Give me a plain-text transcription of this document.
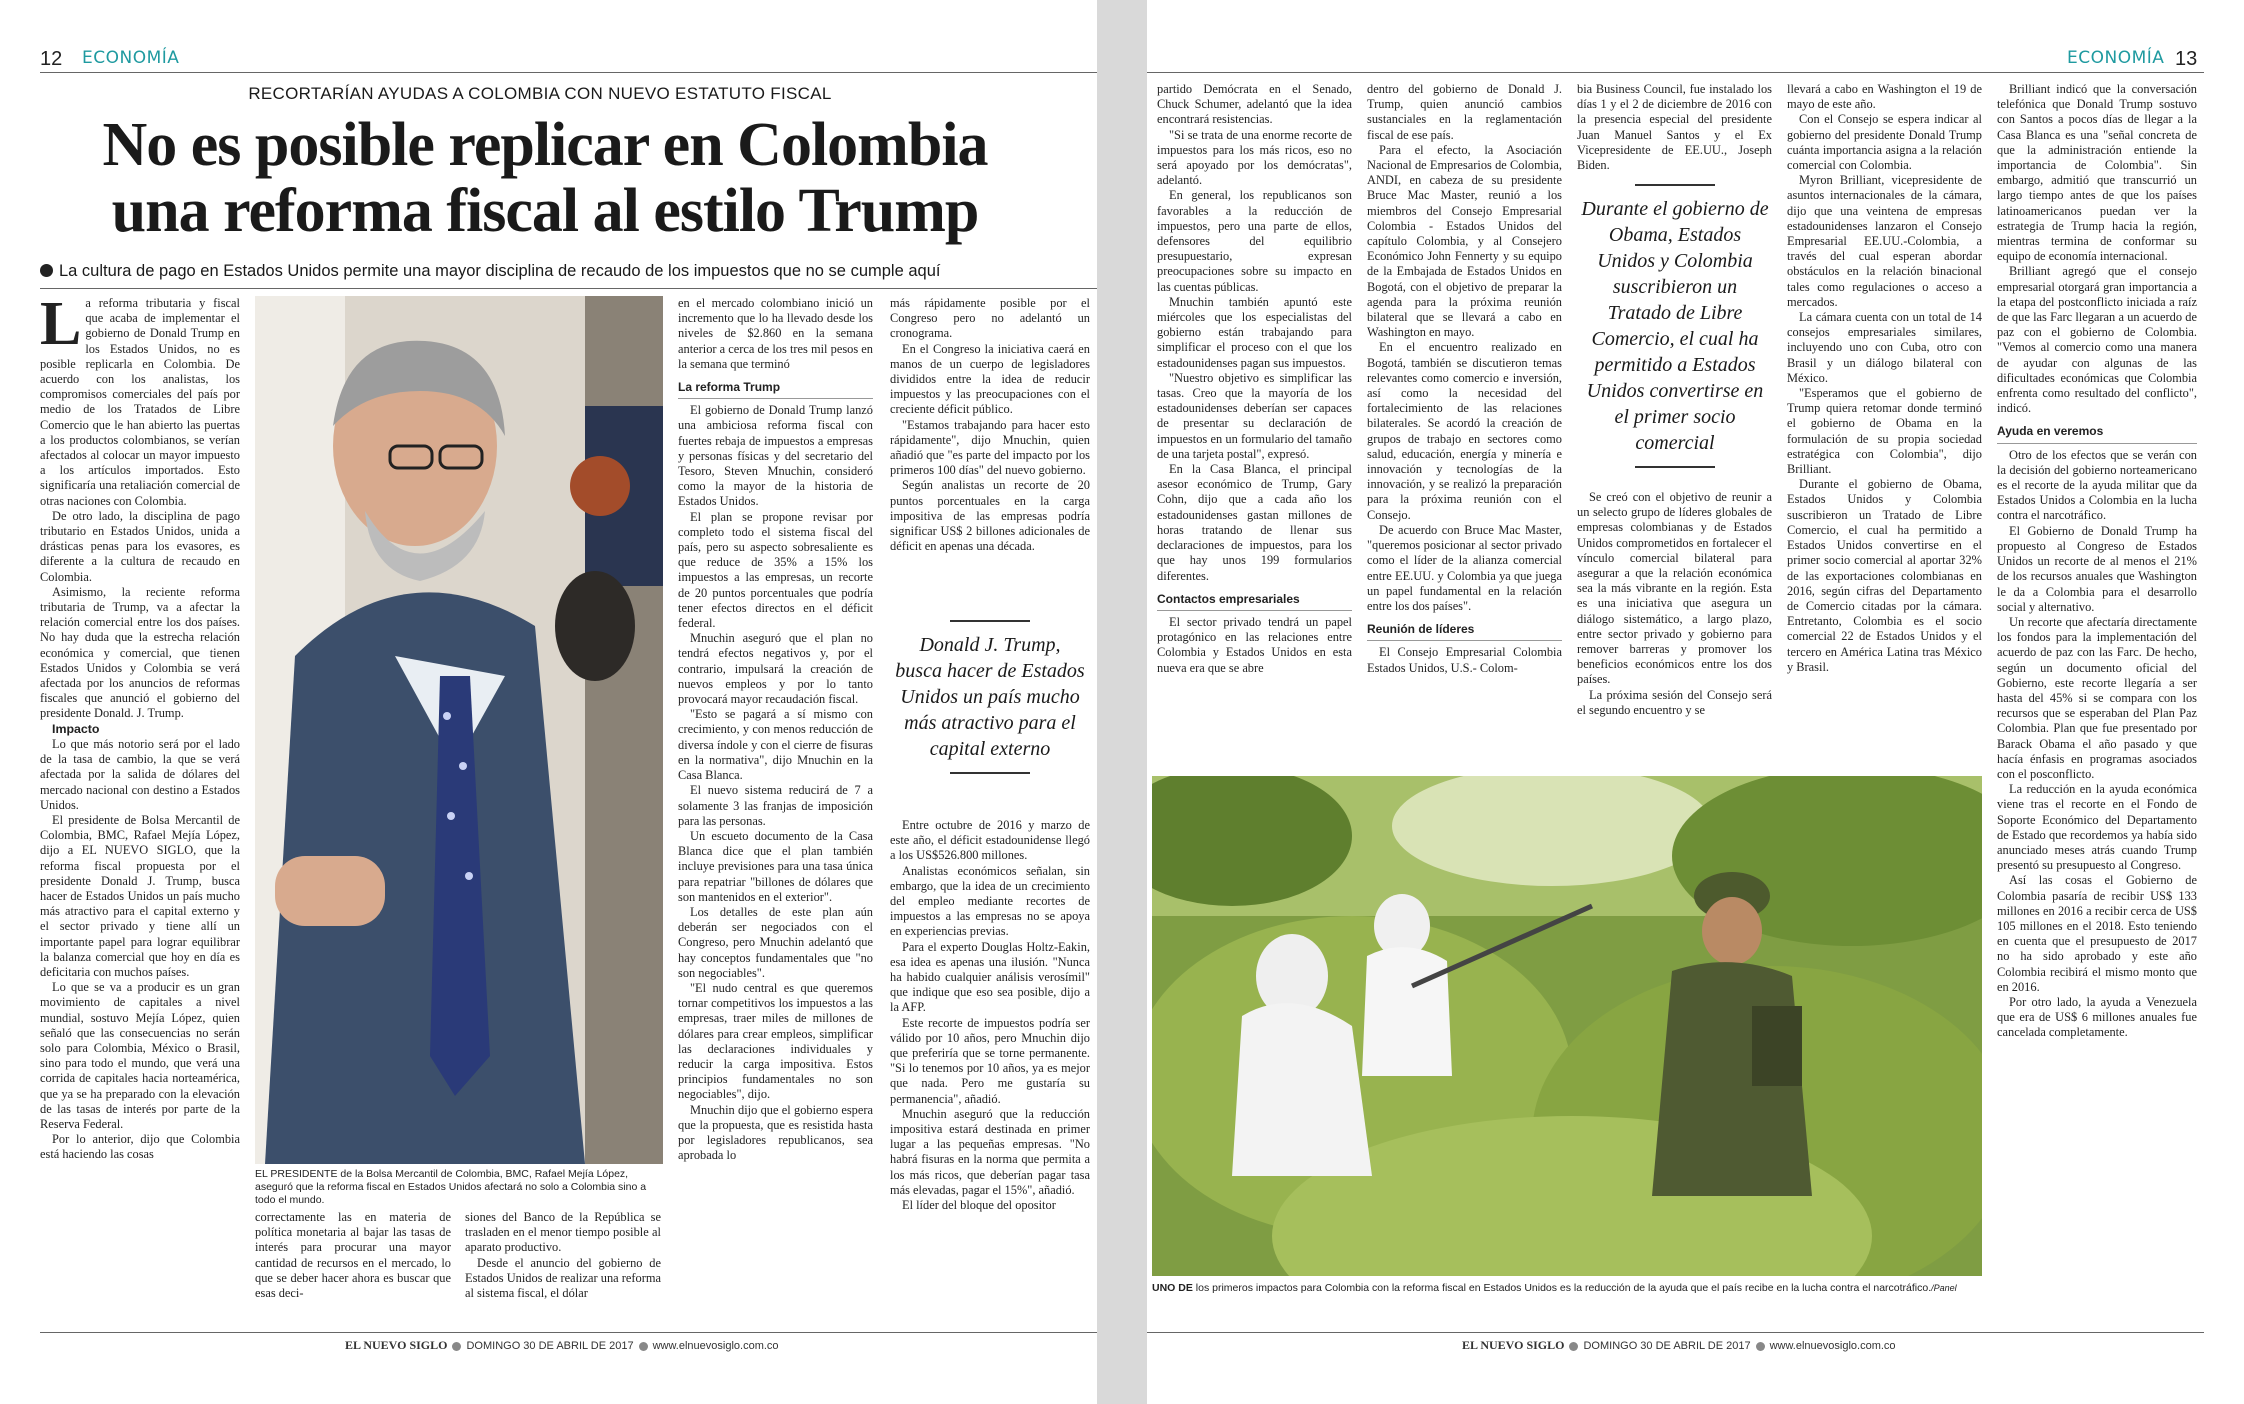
12 ECONOMÍA
RECORTARÍAN AYUDAS A COLOMBIA CON NUEVO ESTATUTO FISCAL
No es posible replicar en Colombia
una reforma fiscal al estilo Trump
La cultura de pago en Estados Unidos permite una mayor disciplina de recaudo de los impuestos que no se cumple aquí
L a reforma tributaria y fiscal que acaba de implementar el gobierno de Donald Trump en los Estados Unidos, no es posible replicarla en Colombia. De acuerdo con los analistas, los compromisos comerciales del país por medio de los Tratados de Libre Comercio que le han abierto las puertas a los productos colombianos, se verían afectados al colocar un mayor impuesto a los artículos importados. Esto significaría una retaliación comercial de otras naciones con Colombia.

De otro lado, la disciplina de pago tributario en Estados Unidos, unida a drásticas penas para los evasores, es diferente a la cultura de recaudo en Colombia.

Asimismo, la reciente reforma tributaria de Trump, va a afectar la relación comercial entre los dos países. No hay duda que la estrecha relación económica y comercial, que tienen Estados Unidos y Colombia se verá afectada por los anuncios de reformas fiscales que anunció el gobierno del presidente Donald. J. Trump.

Impacto

Lo que más notorio será por el lado de la tasa de cambio, la que se verá afectada por la salida de dólares del mercado nacional con destino a Estados Unidos.

El presidente de Bolsa Mercantil de Colombia, BMC, Rafael Mejía López, dijo a EL NUEVO SIGLO, que la reforma fiscal propuesta por el presidente Donald J. Trump, busca hacer de Estados Unidos un país mucho más atractivo para el capital externo y el sector privado y tiene allí un importante papel para lograr equilibrar la balanza comercial que hoy en día es deficitaria con muchos países.

Lo que se va a producir es un gran movimiento de capitales a nivel mundial, sostuvo Mejía López, quien señaló que las consecuencias no serán solo para Colombia, México o Brasil, sino para todo el mundo, que verá una corrida de capitales hacia norteamérica, que ya se ha preparado con la elevación de las tasas de interés por parte de la Reserva Federal.

Por lo anterior, dijo que Colombia está haciendo las cosas

EL PRESIDENTE de la Bolsa Mercantil de Colombia, BMC, Rafael Mejía López, aseguró que la reforma fiscal en Estados Unidos afectará no solo a Colombia sino a todo el mundo.

correctamente las en materia de política monetaria al bajar las tasas de interés para procurar una mayor cantidad de recursos en el mercado, lo que se deber hacer ahora es buscar que esas deci-

siones del Banco de la República se trasladen en el menor tiempo posible al aparato productivo.

Desde el anuncio del gobierno de Estados Unidos de realizar una reforma al sistema fiscal, el dólar

en el mercado colombiano inició un incremento que lo ha llevado desde los niveles de $2.860 en la semana anterior a cerca de los tres mil pesos en la semana que terminó

La reforma Trump

El gobierno de Donald Trump lanzó una ambiciosa reforma fiscal con fuertes rebaja de impuestos a empresas y personas físicas y del secretario del Tesoro, Steven Mnuchin, consideró como la mayor de la historia de Estados Unidos.

El plan se propone revisar por completo todo el sistema fiscal del país, pero su aspecto sobresaliente es que reduce de 35% a 15% los impuestos a las empresas, un recorte de 20 puntos porcentuales que podría tener efectos directos en el déficit federal.

Mnuchin aseguró que el plan no tendrá efectos negativos y, por el contrario, impulsará la creación de nuevos empleos y por lo tanto provocará mayor recaudación fiscal.

"Esto se pagará a sí mismo con crecimiento, y con menos reducción de diversa índole y con el cierre de fisuras en la normativa", dijo Mnuchin en la Casa Blanca.

El nuevo sistema reducirá de 7 a solamente 3 las franjas de imposición para las personas.

Un escueto documento de la Casa Blanca dice que el plan también incluye previsiones para una tasa única para repatriar "billones de dólares que son mantenidos en el exterior".

Los detalles de este plan aún deberán ser negociados con el Congreso, pero Mnuchin adelantó que hay conceptos fundamentales que "no son negociables".

"El nudo central es que queremos tornar competitivos los impuestos a las empresas, traer miles de millones de dólares para crear empleos, simplificar las declaraciones individuales y reducir la carga impositiva. Estos principios fundamentales no son negociables", dijo.

Mnuchin dijo que el gobierno espera que la propuesta, que es resistida hasta por legisladores republicanos, sea aprobada lo

más rápidamente posible por el Congreso pero no adelantó un cronograma.

En el Congreso la iniciativa caerá en manos de un cuerpo de legisladores divididos entre la idea de reducir impuestos y las preocupaciones con el creciente déficit público.

"Estamos trabajando para hacer esto rápidamente", dijo Mnuchin, quien añadió que "es parte del impacto por los primeros 100 días" del nuevo gobierno.

Según analistas un recorte de 20 puntos porcentuales en la carga impositiva de las empresas podría significar US$ 2 billones adicionales de déficit en apenas una década.

Donald J. Trump, busca hacer de Estados Unidos un país mucho más atractivo para el capital externo

Entre octubre de 2016 y marzo de este año, el déficit estadounidense llegó a los US$526.800 millones.

Analistas económicos señalan, sin embargo, que la idea de un crecimiento del empleo mediante recortes de impuestos a las empresas no se apoya en experiencias previas.

Para el experto Douglas Holtz-Eakin, esa idea es apenas una ilusión. "Nunca ha habido cualquier análisis verosímil" que indique que eso sea posible, dijo a la AFP.

Este recorte de impuestos podría ser válido por 10 años, pero Mnuchin dijo que preferiría que se torne permanente. "Si lo tenemos por 10 años, ya es mejor que nada. Pero me gustaría su permanencia", añadió.

Mnuchin aseguró que la reducción impositiva estará destinada en primer lugar a las pequeñas empresas. "No habrá fisuras en la norma que permita a los más ricos, que deberían pagar tasa más elevadas, pagar el 15%", añadió.

El líder del bloque del opositor

EL NUEVO SIGLO DOMINGO 30 DE ABRIL DE 2017 www.elnuevosiglo.com.co
ECONOMÍA 13

partido Demócrata en el Senado, Chuck Schumer, adelantó que la idea encontrará resistencias.

"Si se trata de una enorme recorte de impuestos para los más ricos, eso no será apoyado por los demócratas", adelantó.

En general, los republicanos son favorables a la reducción de impuestos, pero una parte de ellos, defensores del equilibrio presupuestario, expresan preocupaciones sobre su impacto en las cuentas públicas.

Mnuchin también apuntó este miércoles que los especialistas del gobierno están trabajando para simplificar el proceso con el que los estadounidenses pagan sus impuestos.

"Nuestro objetivo es simplificar las tasas. Creo que la mayoría de los estadounidenses deberían ser capaces de presentar su declaración de impuestos en un formulario del tamaño de una tarjeta postal", expresó.

En la Casa Blanca, el principal asesor económico de Trump, Gary Cohn, dijo que a cada año los estadounidenses gastan millones de horas tratando de llenar sus declaraciones de impuestos, para los que hay unos 199 formularios diferentes.

Contactos empresariales

El sector privado tendrá un papel protagónico en las relaciones entre Colombia y Estados Unidos en esta nueva era que se abre

dentro del gobierno de Donald J. Trump, quien anunció cambios sustanciales en la reglamentación fiscal de ese país.

Para el efecto, la Asociación Nacional de Empresarios de Colombia, ANDI, en cabeza de su presidente Bruce Mac Master, reunió a los miembros del Consejo Empresarial Colombia - Estados Unidos del capítulo Colombia, y al Consejero Económico John Fennerty y su equipo de la Embajada de Estados Unidos en Bogotá, con el objetivo de preparar la agenda para la próxima reunión bilateral que se llevará a cabo en Washington en mayo.

En el encuentro realizado en Bogotá, también se discutieron temas relevantes como comercio e inversión, así como la necesidad del fortalecimiento de las relaciones bilaterales. Se acordó la creación de grupos de trabajo en sectores como salud, educación, energía y minería e innovación y tecnologías de la innovación, y se realizó la preparación para la próxima reunión con el Consejo.

De acuerdo con Bruce Mac Master, "queremos posicionar al sector privado como el líder de la alianza comercial entre EE.UU. y Colombia ya que juega un papel fundamental en la relación entre los dos países".

Reunión de líderes

El Consejo Empresarial Colombia Estados Unidos, U.S.- Colom-

bia Business Council, fue instalado los días 1 y el 2 de diciembre de 2016 con la presencia especial del presidente Juan Manuel Santos y el Ex Vicepresidente de EE.UU., Joseph Biden.

Durante el gobierno de Obama, Estados Unidos y Colombia suscribieron un Tratado de Libre Comercio, el cual ha permitido a Estados Unidos convertirse en el primer socio comercial

Se creó con el objetivo de reunir a un selecto grupo de líderes globales de empresas colombianas y de Estados Unidos comprometidos en fortalecer el vínculo comercial bilateral para asegurar a que la relación económica sea la más vibrante en la región. Esta es una iniciativa que asegura un diálogo sistemático, a largo plazo, entre sector privado y gobierno para remover barreras y promover los beneficios económicos entre los dos países.

La próxima sesión del Consejo será el segundo encuentro y se

llevará a cabo en Washington el 19 de mayo de este año.

Con el Consejo se espera indicar al gobierno del presidente Donald Trump cuánta importancia asigna a la relación comercial con Colombia.

Myron Brilliant, vicepresidente de asuntos internacionales de la cámara, dijo que una veintena de empresas estadounidenses lanzaron el Consejo Empresarial EE.UU.-Colombia, a través del cual esperan abordar obstáculos en la relación binacional tales como regulaciones o acceso a mercados.

La cámara cuenta con un total de 14 consejos empresariales similares, incluyendo uno con Cuba, otro con Brasil y un diálogo bilateral con México.

"Esperamos que el gobierno de Trump quiera retomar donde terminó el gobierno de Obama en la formulación de su propia sociedad estratégica con Colombia", dijo Brilliant.

Durante el gobierno de Obama, Estados Unidos y Colombia suscribieron un Tratado de Libre Comercio, el cual ha permitido a Estados Unidos convertirse en el primer socio comercial al aportar 32% de las exportaciones colombianas en 2016, según cifras del Departamento de Comercio citadas por la cámara. Entretanto, Colombia es el socio comercial 22 de Estados Unidos y el tercero en América Latina tras México y Brasil.

Brilliant indicó que la conversación telefónica que Donald Trump sostuvo con Santos a pocos días de llegar a la Casa Blanca es una "señal concreta de que la administración entiende la importancia de Colombia". Sin embargo, admitió que transcurrió un largo tiempo antes de que los países latinoamericanos puedan ver la estrategia de Trump hacia la región, mientras termina de conformar su equipo de economía internacional.

Brilliant agregó que el consejo empresarial otorgará gran importancia a la etapa del postconflicto iniciada a raíz de que las Farc llegaran a un acuerdo de paz con el gobierno de Colombia. "Vemos al comercio como una manera de ayudar con algunas de las dificultades económicas que Colombia enfrenta como resultado del conflicto", indicó.

Ayuda en veremos

Otro de los efectos que se verán con la decisión del gobierno norteamericano es el recorte de la ayuda militar que da Estados Unidos a Colombia en la lucha contra el narcotráfico.

El Gobierno de Donald Trump ha propuesto al Congreso de Estados Unidos un recorte de al menos el 21% de los recursos anuales que Washington le da a Colombia para el desarrollo social y alternativo.

Un recorte que afectaría directamente los fondos para la implementación del acuerdo de paz con las Farc. De hecho, según un documento oficial del Gobierno, este recorte llegaría a ser hasta del 45% si se compara con los recursos que se esperaban del Plan Paz Colombia. Plan que fue presentado por Barack Obama el año pasado y que hacía énfasis en programas asociados con el posconflicto.

La reducción en la ayuda económica viene tras el recorte en el Fondo de Soporte Económico del Departamento de Estado que recordemos ya había sido anunciado meses atrás cuando Trump presentó su presupuesto al Congreso.

Así las cosas el Gobierno de Colombia pasaría de recibir US$ 133 millones en 2016 a recibir cerca de US$ 105 millones en el 2018. Esto teniendo en cuenta que el presupuesto de 2017 no ha sido aprobado y este año Colombia recibirá el mismo monto que en 2016.

Por otro lado, la ayuda a Venezuela que era de US$ 6 millones anuales fue cancelada completamente.

UNO DE los primeros impactos para Colombia con la reforma fiscal en Estados Unidos es la reducción de la ayuda que el país recibe en la lucha contra el narcotráfico./Panel
EL NUEVO SIGLO DOMINGO 30 DE ABRIL DE 2017 www.elnuevosiglo.com.co
